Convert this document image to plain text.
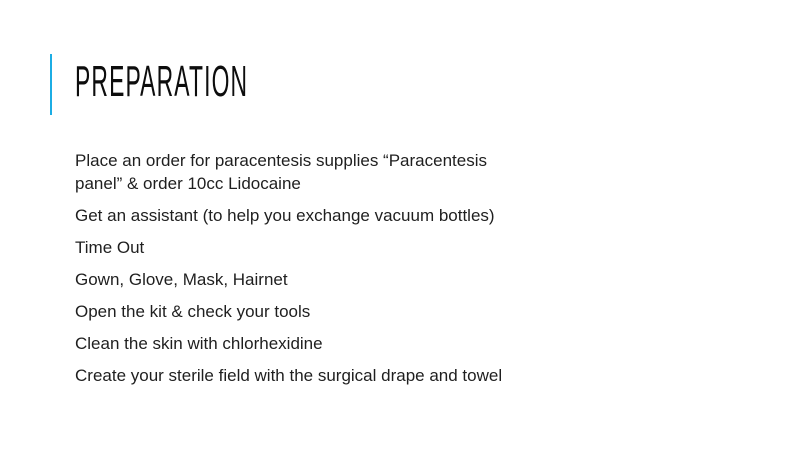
PREPARATION

Place an order for paracentesis supplies “Paracentesis panel” & order 10cc Lidocaine

Get an assistant (to help you exchange vacuum bottles)

Time Out

Gown, Glove, Mask, Hairnet

Open the kit & check your tools

Clean the skin with chlorhexidine

Create your sterile field with the surgical drape and towel
